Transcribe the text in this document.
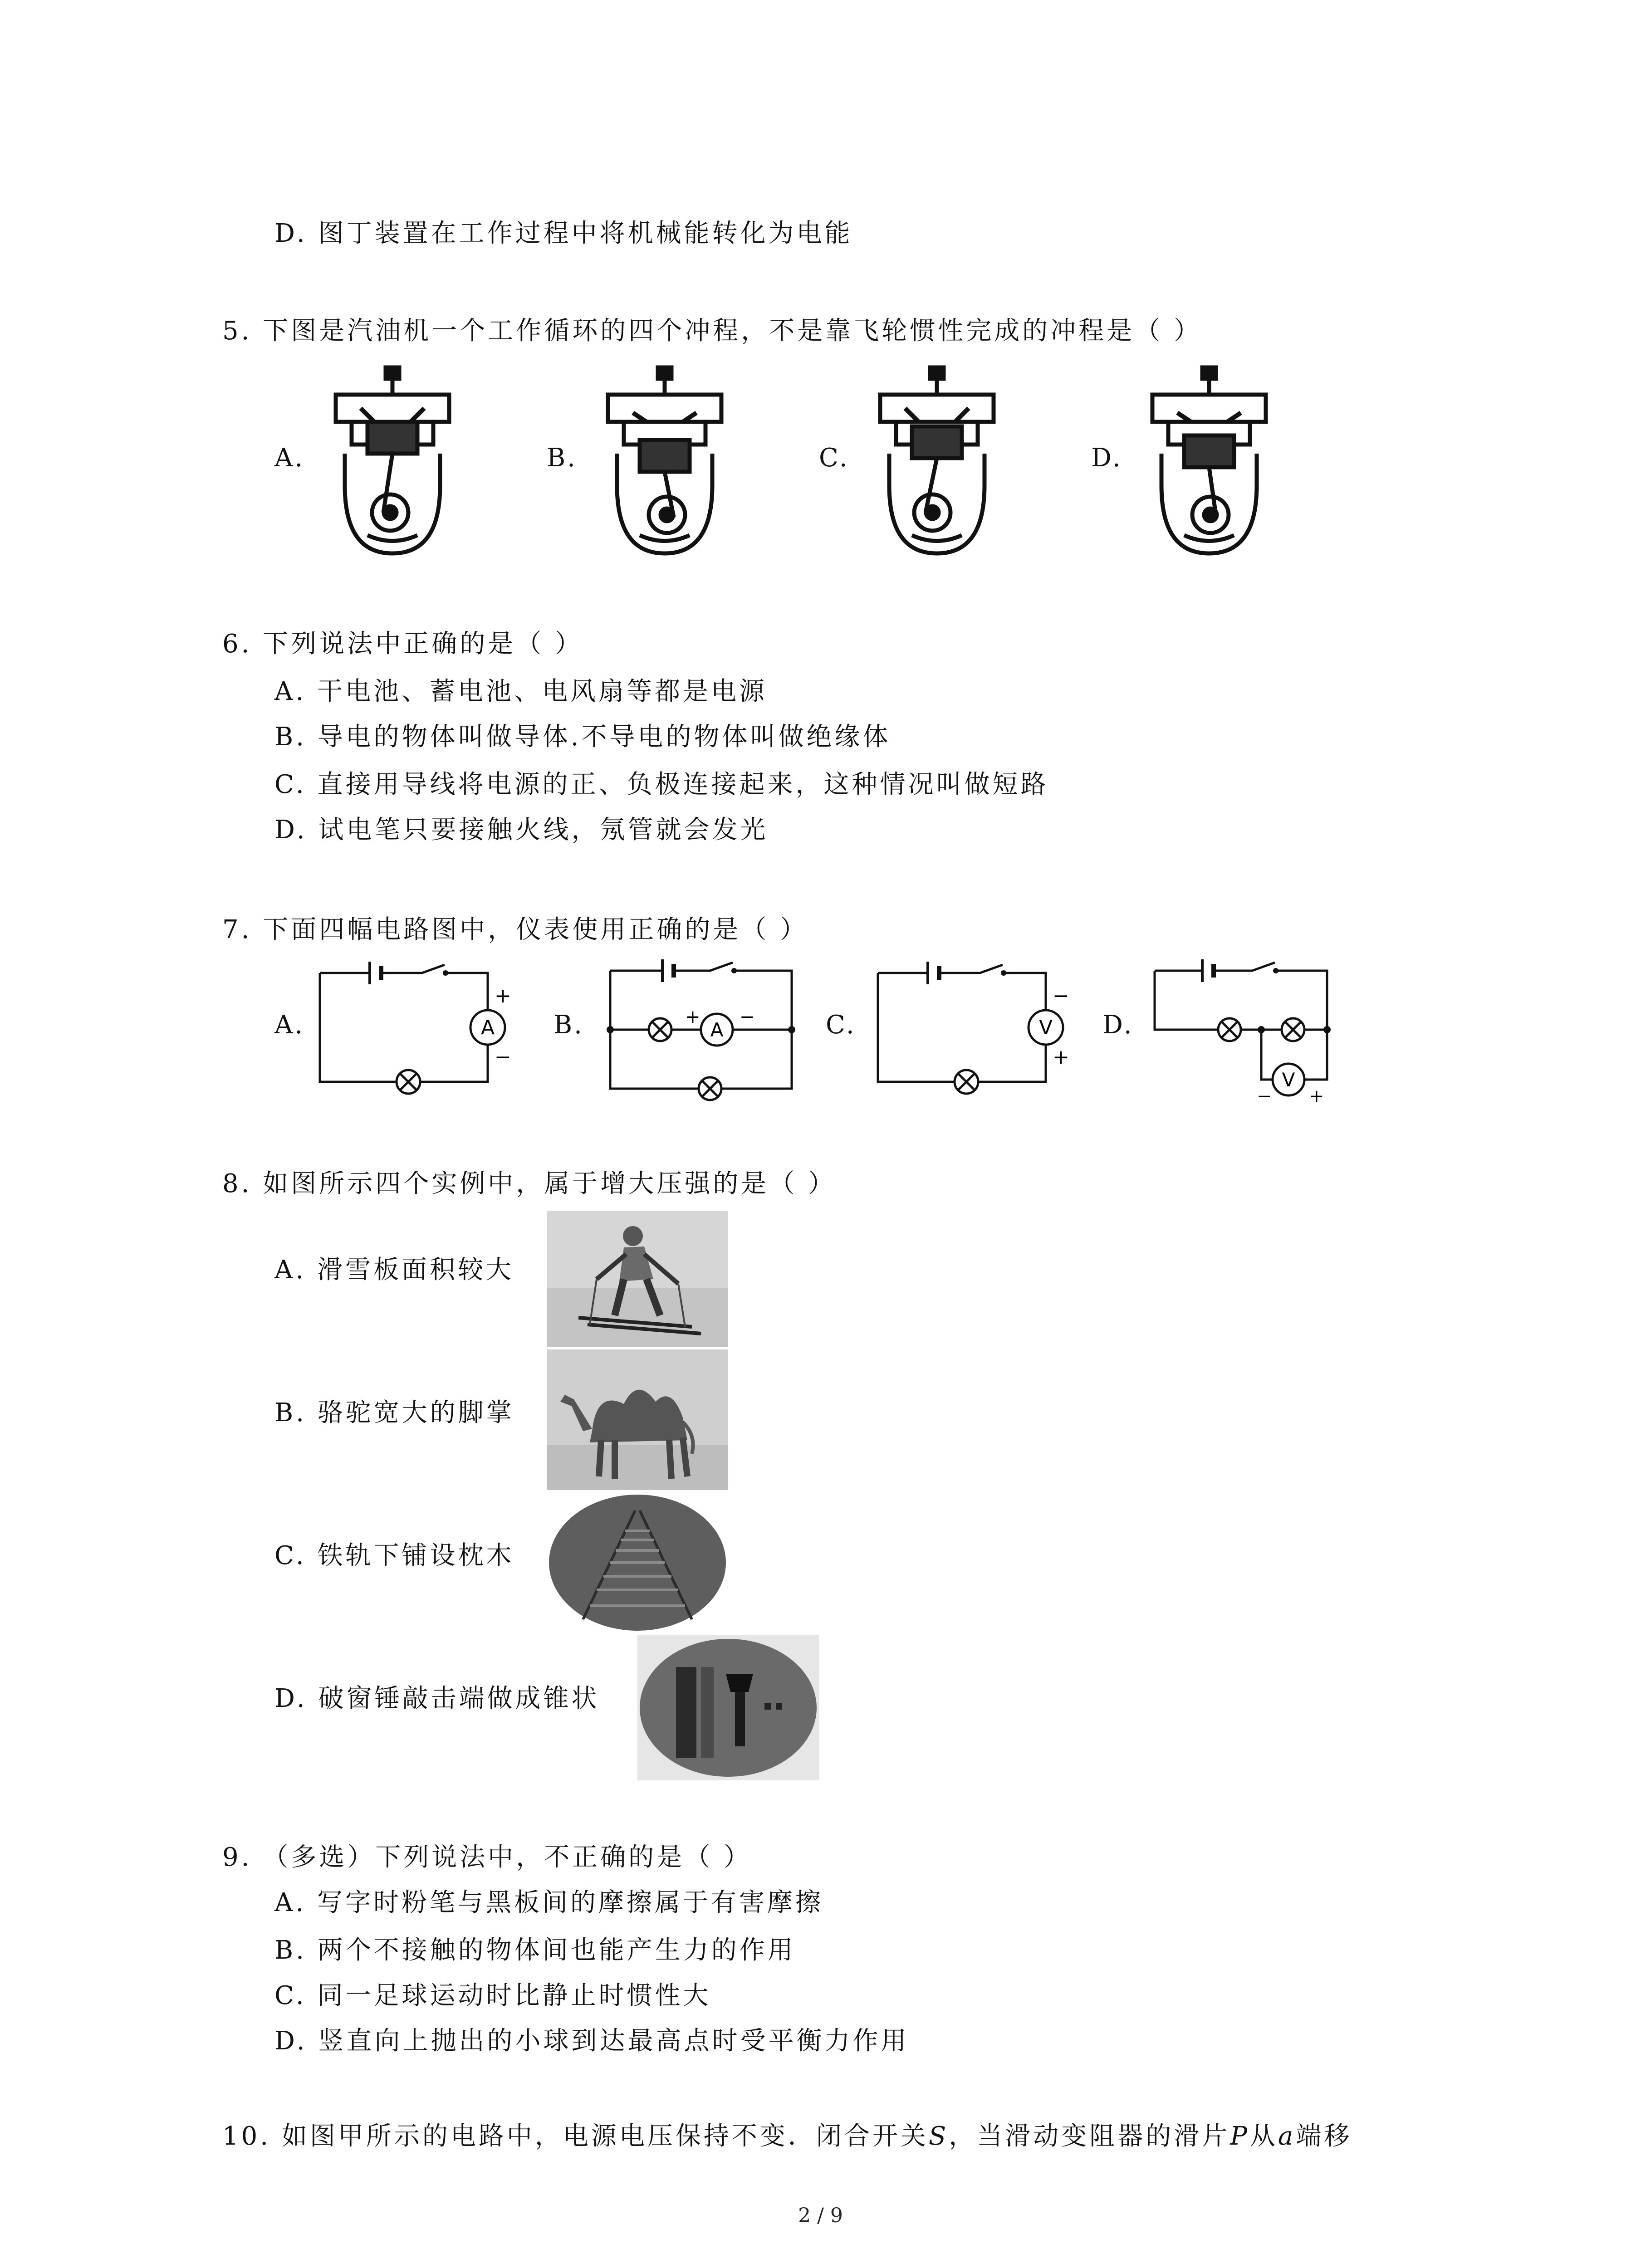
D. 图丁装置在工作过程中将机械能转化为电能
5. 下图是汽油机一个工作循环的四个冲程，不是靠飞轮惯性完成的冲程是（ ）
A.	B.	C.	D.
6. 下列说法中正确的是（ ）
A. 干电池、蓄电池、电风扇等都是电源
B. 导电的物体叫做导体.不导电的物体叫做绝缘体
C. 直接用导线将电源的正、负极连接起来，这种情况叫做短路
D. 试电笔只要接触火线，氖管就会发光
7. 下面四幅电路图中，仪表使用正确的是（ ）
A.	B.	C.	D.
A
+
−
A
+ −	V
−
+
V
− +
8. 如图所示四个实例中，属于增大压强的是（ ）
A. 滑雪板面积较大
B. 骆驼宽大的脚掌
C. 铁轨下铺设枕木
D. 破窗锤敲击端做成锥状
9. （多选）下列说法中，不正确的是（ ）
A. 写字时粉笔与黑板间的摩擦属于有害摩擦
B. 两个不接触的物体间也能产生力的作用
C. 同一足球运动时比静止时惯性大
D. 竖直向上抛出的小球到达最高点时受平衡力作用
10. 如图甲所示的电路中，电源电压保持不变．闭合开关S，当滑动变阻器的滑片P从a端移
2 / 9
